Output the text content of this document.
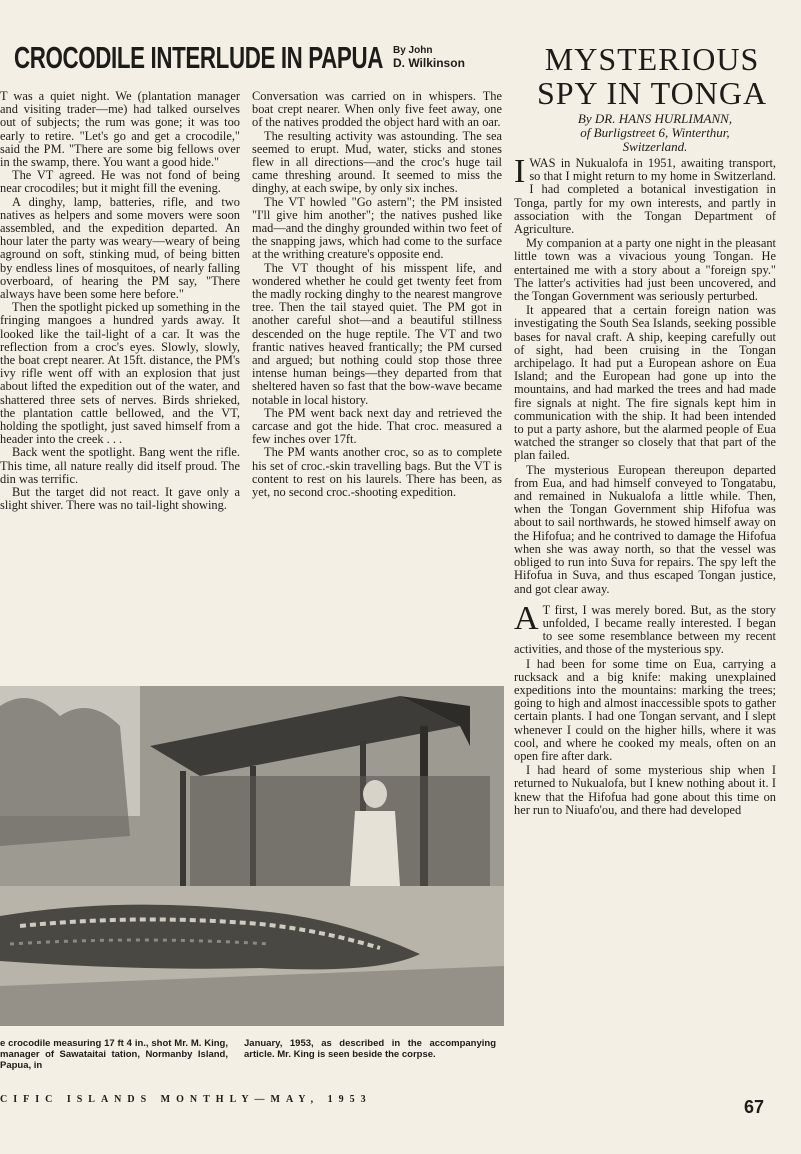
CROCODILE INTERLUDE IN PAPUA By John
D. Wilkinson	MYSTERIOUS SPY IN TONGA
By DR. HANS HURLIMANN,
of Burligstreet 6, Winterthur,
Switzerland.

T was a quiet night. We (plantation manager and visiting trader—me) had talked ourselves out of subjects; the rum was gone; it was too early to retire. "Let's go and get a crocodile," said the PM. "There are some big fellows over in the swamp, there. You want a good hide."

The VT agreed. He was not fond of being near crocodiles; but it might fill the evening.

A dinghy, lamp, batteries, rifle, and two natives as helpers and some movers were soon assembled, and the expedition departed. An hour later the party was weary—weary of being aground on soft, stinking mud, of being bitten by endless lines of mosquitoes, of nearly falling overboard, of hearing the PM say, "There always have been some here before."

Then the spotlight picked up something in the fringing mangoes a hundred yards away. It looked like the tail-light of a car. It was the reflection from a croc's eyes. Slowly, slowly, the boat crept nearer. At 15ft. distance, the PM's ivy rifle went off with an explosion that just about lifted the expedition out of the water, and shattered three sets of nerves. Birds shrieked, the plantation cattle bellowed, and the VT, holding the spotlight, just saved himself from a header into the creek . . .

Back went the spotlight. Bang went the rifle. This time, all nature really did itself proud. The din was terrific.

But the target did not react. It gave only a slight shiver. There was no tail-light showing.

Conversation was carried on in whispers. The boat crept nearer. When only five feet away, one of the natives prodded the object hard with an oar.

The resulting activity was astounding. The sea seemed to erupt. Mud, water, sticks and stones flew in all directions—and the croc's huge tail came threshing around. It seemed to miss the dinghy, at each swipe, by only six inches.

The VT howled "Go astern"; the PM insisted "I'll give him another"; the natives pushed like mad—and the dinghy grounded within two feet of the snapping jaws, which had come to the surface at the writhing creature's opposite end.

The VT thought of his misspent life, and wondered whether he could get twenty feet from the madly rocking dinghy to the nearest mangrove tree. Then the tail stayed quiet. The PM got in another careful shot—and a beautiful stillness descended on the huge reptile. The VT and two frantic natives heaved frantically; the PM cursed and argued; but nothing could stop those three intense human beings—they departed from that sheltered haven so fast that the bow-wave became notable in local history.

The PM went back next day and retrieved the carcase and got the hide. That croc. measured a few inches over 17ft.

The PM wants another croc, so as to complete his set of croc.-skin travelling bags. But the VT is content to rest on his laurels. There has been, as yet, no second croc.-shooting expedition.

IWAS in Nukualofa in 1951, awaiting transport, so that I might return to my home in Switzerland. I had completed a botanical investigation in Tonga, partly for my own interests, and partly in association with the Tongan Department of Agriculture.

My companion at a party one night in the pleasant little town was a vivacious young Tongan. He entertained me with a story about a "foreign spy." The latter's activities had just been uncovered, and the Tongan Government was seriously perturbed.

It appeared that a certain foreign nation was investigating the South Sea Islands, seeking possible bases for naval craft. A ship, keeping carefully out of sight, had been cruising in the Tongan archipelago. It had put a European ashore on Eua Island; and the European had gone up into the mountains, and had marked the trees and had made fire signals at night. The fire signals kept him in communication with the ship. It had been intended to put a party ashore, but the alarmed people of Eua watched the stranger so closely that that part of the plan failed.

The mysterious European thereupon departed from Eua, and had himself conveyed to Tongatabu, and remained in Nukualofa a little while. Then, when the Tongan Government ship Hifofua was about to sail northwards, he stowed himself away on the Hifofua; and he contrived to damage the Hifofua when she was away north, so that the vessel was obliged to run into Suva for repairs. The spy left the Hifofua in Suva, and thus escaped Tongan justice, and got clear away.

A T first, I was merely bored. But, as the story unfolded, I became really interested. I began to see some resemblance between my recent activities, and those of the mysterious spy.

I had been for some time on Eua, carrying a rucksack and a big knife: making unexplained expeditions into the mountains: marking the trees; going to high and almost inaccessible spots to gather certain plants. I had one Tongan servant, and I slept whenever I could on the higher hills, where it was cool, and where he cooked my meals, often on an open fire after dark.

I had heard of some mysterious ship when I returned to Nukualofa, but I knew nothing about it. I knew that the Hifofua had gone about this time on her run to Niuafo'ou, and there had developed

e crocodile measuring 17 ft 4 in., shot Mr. M. King, manager of Sawataitai tation, Normanby Island, Papua, in
January, 1953, as described in the accompanying article. Mr. King is seen beside the corpse.
CIFIC ISLANDS MONTHLY—MAY, 1953	67
